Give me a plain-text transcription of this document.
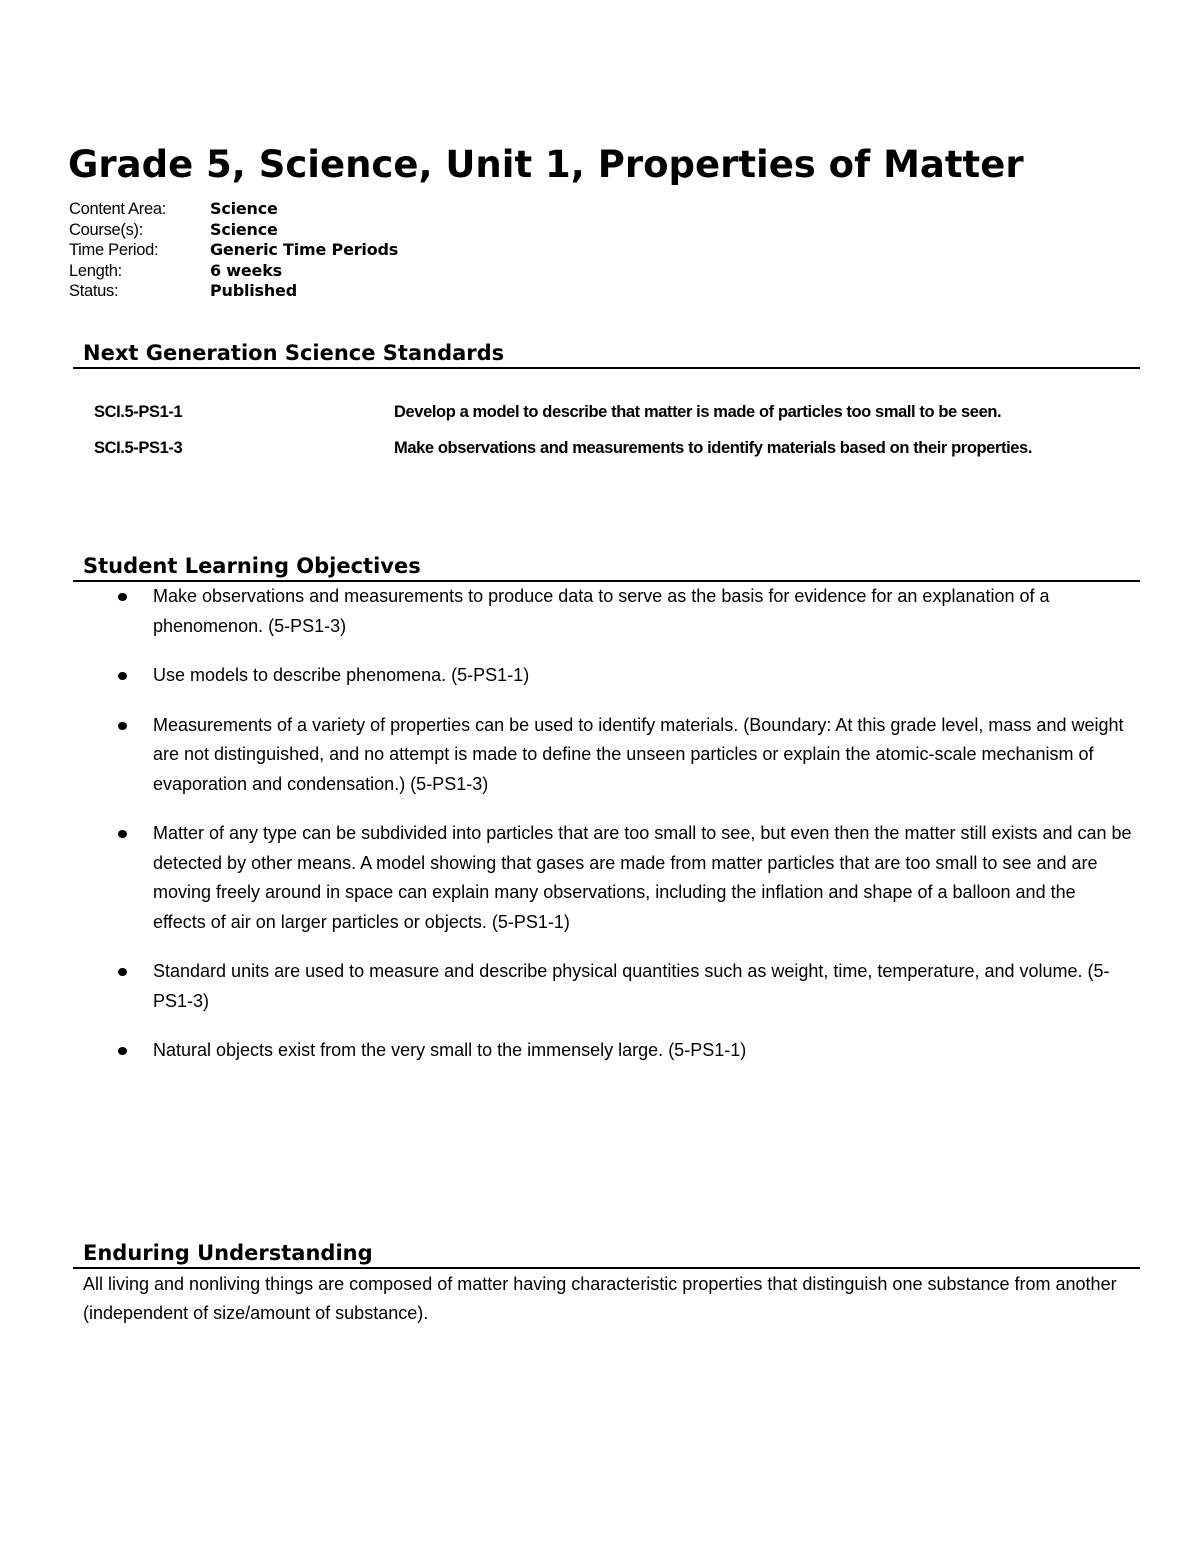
Grade 5, Science, Unit 1, Properties of Matter
Content Area:	Science
Course(s):	Science
Time Period:	Generic Time Periods
Length:	6 weeks
Status:	Published
Next Generation Science Standards
SCI.5-PS1-1	Develop a model to describe that matter is made of particles too small to be seen.
SCI.5-PS1-3	Make observations and measurements to identify materials based on their properties.
Student Learning Objectives
Make observations and measurements to produce data to serve as the basis for evidence for an explanation of a phenomenon. (5-PS1-3)
Use models to describe phenomena. (5-PS1-1)
Measurements of a variety of properties can be used to identify materials. (Boundary: At this grade level, mass and weight are not distinguished, and no attempt is made to define the unseen particles or explain the atomic-scale mechanism of evaporation and condensation.) (5-PS1-3)
Matter of any type can be subdivided into particles that are too small to see, but even then the matter still exists and can be detected by other means. A model showing that gases are made from matter particles that are too small to see and are moving freely around in space can explain many observations, including the inflation and shape of a balloon and the effects of air on larger particles or objects. (5-PS1-1)
Standard units are used to measure and describe physical quantities such as weight, time, temperature, and volume. (5-PS1-3)
Natural objects exist from the very small to the immensely large. (5-PS1-1)
Enduring Understanding

All living and nonliving things are composed of matter having characteristic properties that distinguish one substance from another (independent of size/amount of substance).
